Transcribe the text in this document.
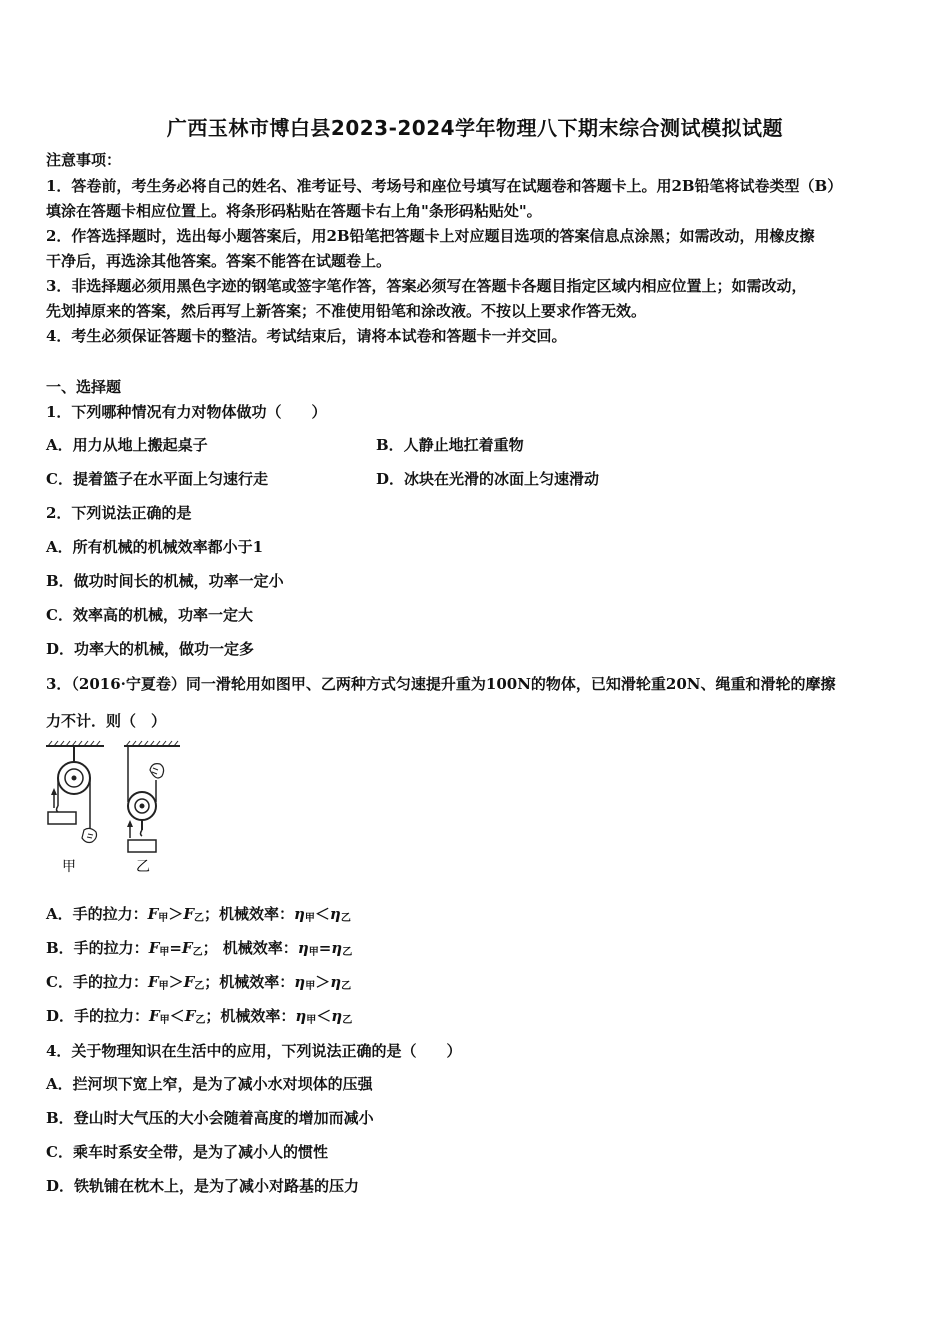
广西玉林市博白县2023-2024学年物理八下期末综合测试模拟试题
注意事项：
1．答卷前，考生务必将自己的姓名、准考证号、考场号和座位号填写在试题卷和答题卡上。用2B铅笔将试卷类型（B）
填涂在答题卡相应位置上。将条形码粘贴在答题卡右上角"条形码粘贴处"。
2．作答选择题时，选出每小题答案后，用2B铅笔把答题卡上对应题目选项的答案信息点涂黑；如需改动，用橡皮擦
干净后，再选涂其他答案。答案不能答在试题卷上。
3．非选择题必须用黑色字迹的钢笔或签字笔作答，答案必须写在答题卡各题目指定区域内相应位置上；如需改动，
先划掉原来的答案，然后再写上新答案；不准使用铅笔和涂改液。不按以上要求作答无效。
4．考生必须保证答题卡的整洁。考试结束后，请将本试卷和答题卡一并交回。
一、选择题
1．下列哪种情况有力对物体做功（　　）
A．用力从地上搬起桌子	B．人静止地扛着重物
C．提着篮子在水平面上匀速行走	D．冰块在光滑的冰面上匀速滑动
2．下列说法正确的是
A．所有机械的机械效率都小于1
B．做功时间长的机械，功率一定小
C．效率高的机械，功率一定大
D．功率大的机械，做功一定多
3．（2016·宁夏卷）同一滑轮用如图甲、乙两种方式匀速提升重为100N的物体，已知滑轮重20N、绳重和滑轮的摩擦
力不计．则（　）
甲	乙
A．手的拉力：$F_甲>F_乙$；机械效率：$\eta_甲<\eta_乙$
B．手的拉力：$F_甲=F_乙$； 机械效率：$\eta_甲=\eta_乙$
C．手的拉力：$F_甲>F_乙$；机械效率：$\eta_甲>\eta_乙$
D．手的拉力：$F_甲<F_乙$；机械效率：$\eta_甲<\eta_乙$
4．关于物理知识在生活中的应用，下列说法正确的是（　　）
A．拦河坝下宽上窄，是为了减小水对坝体的压强
B．登山时大气压的大小会随着高度的增加而减小
C．乘车时系安全带，是为了减小人的惯性
D．铁轨铺在枕木上，是为了减小对路基的压力
